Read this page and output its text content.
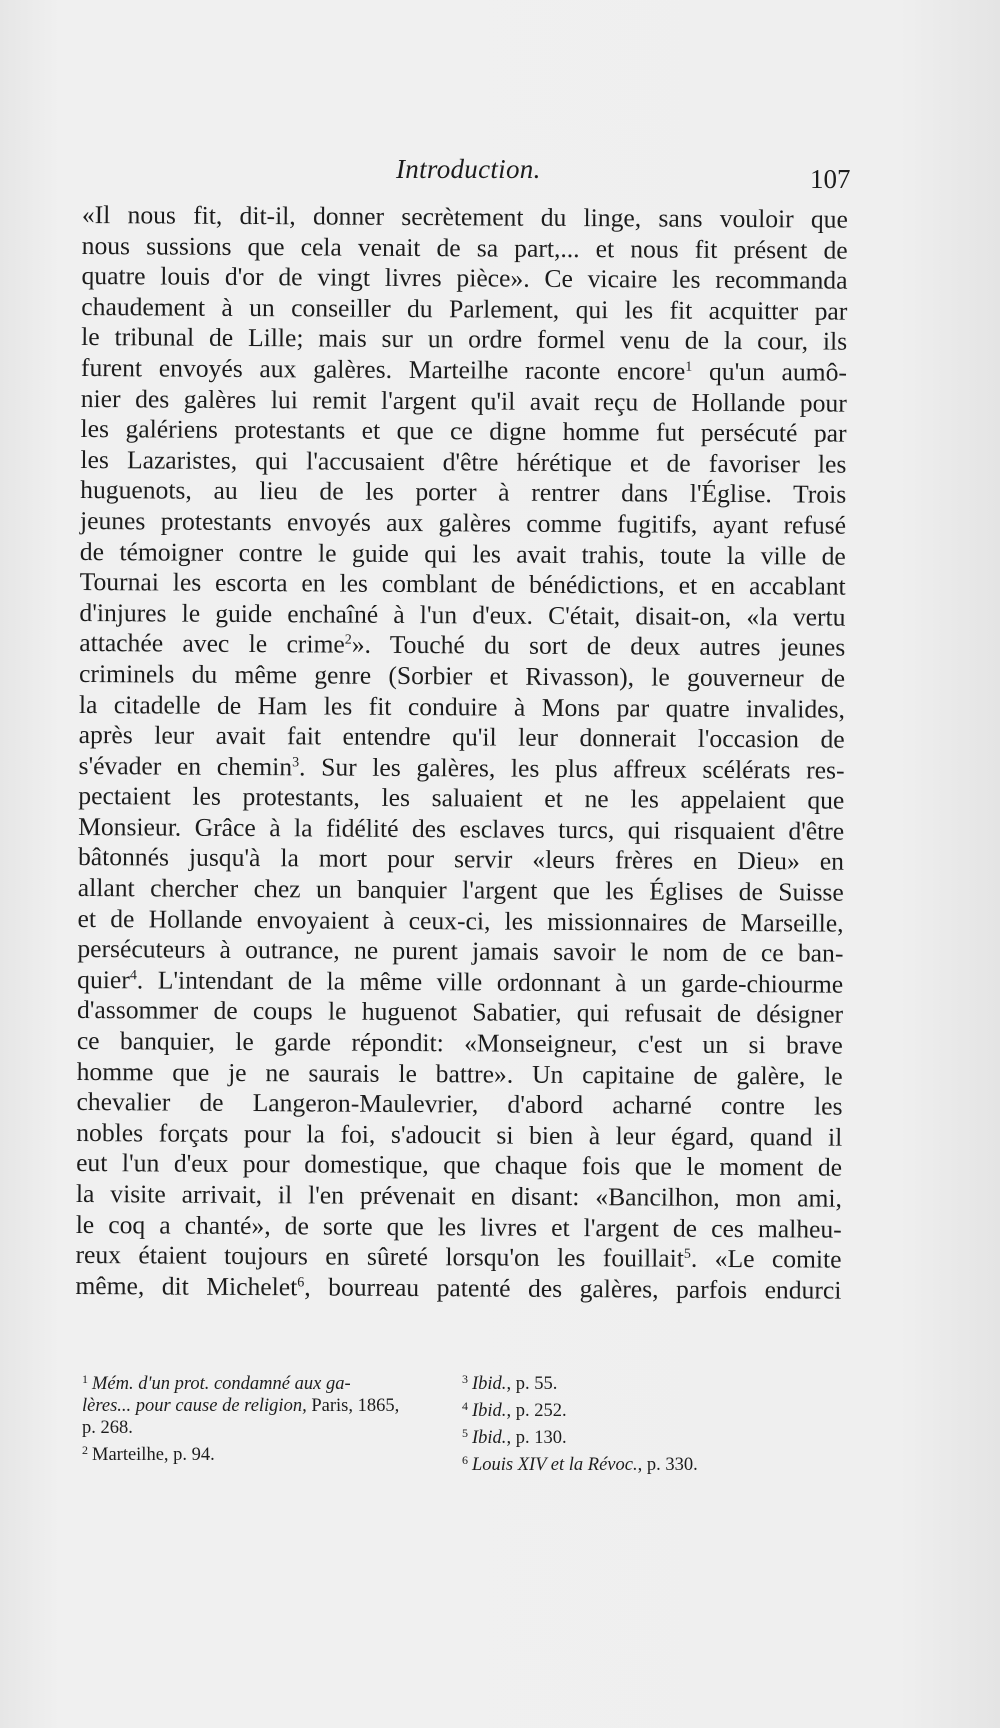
Introduction.	107
«Il nous fit, dit-il, donner secrètement du linge, sans vouloir que
nous sussions que cela venait de sa part,... et nous fit présent de
quatre louis d'or de vingt livres pièce». Ce vicaire les recommanda
chaudement à un conseiller du Parlement, qui les fit acquitter par
le tribunal de Lille; mais sur un ordre formel venu de la cour, ils
furent envoyés aux galères. Marteilhe raconte encore$^1$ qu'un aumô-
nier des galères lui remit l'argent qu'il avait reçu de Hollande pour
les galériens protestants et que ce digne homme fut persécuté par
les Lazaristes, qui l'accusaient d'être hérétique et de favoriser les
huguenots, au lieu de les porter à rentrer dans l'Église. Trois
jeunes protestants envoyés aux galères comme fugitifs, ayant refusé
de témoigner contre le guide qui les avait trahis, toute la ville de
Tournai les escorta en les comblant de bénédictions, et en accablant
d'injures le guide enchaîné à l'un d'eux. C'était, disait-on, «la vertu
attachée avec le crime$^2$». Touché du sort de deux autres jeunes
criminels du même genre (Sorbier et Rivasson), le gouverneur de
la citadelle de Ham les fit conduire à Mons par quatre invalides,
après leur avait fait entendre qu'il leur donnerait l'occasion de
s'évader en chemin$^3$. Sur les galères, les plus affreux scélérats res-
pectaient les protestants, les saluaient et ne les appelaient que
Monsieur. Grâce à la fidélité des esclaves turcs, qui risquaient d'être
bâtonnés jusqu'à la mort pour servir «leurs frères en Dieu» en
allant chercher chez un banquier l'argent que les Églises de Suisse
et de Hollande envoyaient à ceux-ci, les missionnaires de Marseille,
persécuteurs à outrance, ne purent jamais savoir le nom de ce ban-
quier$^4$. L'intendant de la même ville ordonnant à un garde-chiourme
d'assommer de coups le huguenot Sabatier, qui refusait de désigner
ce banquier, le garde répondit: «Monseigneur, c'est un si brave
homme que je ne saurais le battre». Un capitaine de galère, le
chevalier de Langeron-Maulevrier, d'abord acharné contre les
nobles forçats pour la foi, s'adoucit si bien à leur égard, quand il
eut l'un d'eux pour domestique, que chaque fois que le moment de
la visite arrivait, il l'en prévenait en disant: «Bancilhon, mon ami,
le coq a chanté», de sorte que les livres et l'argent de ces malheu-
reux étaient toujours en sûreté lorsqu'on les fouillait$^5$. «Le comite
même, dit Michelet$^6$, bourreau patenté des galères, parfois endurci
$^1$ Mém. d'un prot. condamné aux ga-
lères... pour cause de religion, Paris, 1865,
p. 268.
$^2$ Marteilhe, p. 94.
$^3$ Ibid., p. 55.
$^4$ Ibid., p. 252.
$^5$ Ibid., p. 130.
$^6$ Louis XIV et la Révoc., p. 330.
